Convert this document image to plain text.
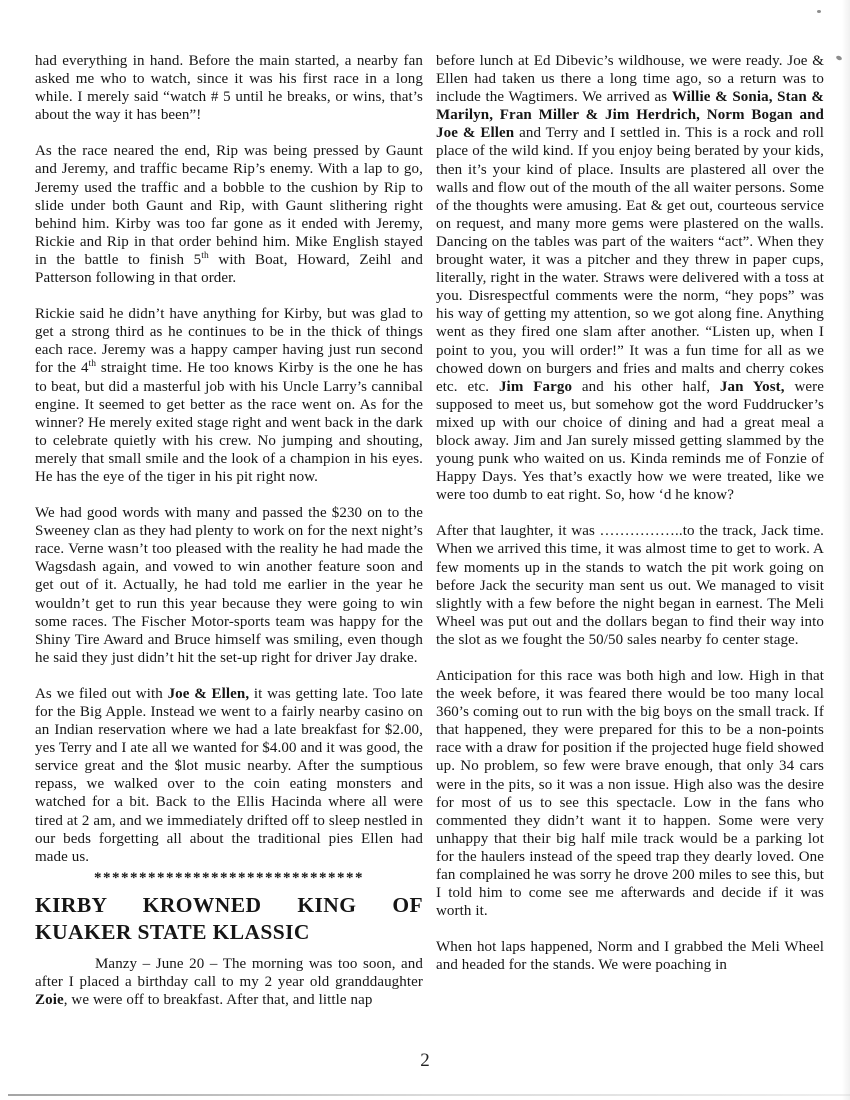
had everything in hand. Before the main started, a nearby fan asked me who to watch, since it was his first race in a long while. I merely said “watch # 5 until he breaks, or wins, that’s about the way it has been”!

As the race neared the end, Rip was being pressed by Gaunt and Jeremy, and traffic became Rip’s enemy. With a lap to go, Jeremy used the traffic and a bobble to the cushion by Rip to slide under both Gaunt and Rip, with Gaunt slithering right behind him. Kirby was too far gone as it ended with Jeremy, Rickie and Rip in that order behind him. Mike English stayed in the battle to finish 5th with Boat, Howard, Zeihl and Patterson following in that order.

Rickie said he didn’t have anything for Kirby, but was glad to get a strong third as he continues to be in the thick of things each race. Jeremy was a happy camper having just run second for the 4th straight time. He too knows Kirby is the one he has to beat, but did a masterful job with his Uncle Larry’s cannibal engine. It seemed to get better as the race went on. As for the winner? He merely exited stage right and went back in the dark to celebrate quietly with his crew. No jumping and shouting, merely that small smile and the look of a champion in his eyes. He has the eye of the tiger in his pit right now.

We had good words with many and passed the $230 on to the Sweeney clan as they had plenty to work on for the next night’s race. Verne wasn’t too pleased with the reality he had made the Wagsdash again, and vowed to win another feature soon and get out of it. Actually, he had told me earlier in the year he wouldn’t get to run this year because they were going to win some races. The Fischer Motor-sports team was happy for the Shiny Tire Award and Bruce himself was smiling, even though he said they just didn’t hit the set-up right for driver Jay drake.

As we filed out with Joe & Ellen, it was getting late. Too late for the Big Apple. Instead we went to a fairly nearby casino on an Indian reservation where we had a late breakfast for $2.00, yes Terry and I ate all we wanted for $4.00 and it was good, the service great and the $lot music nearby. After the sumptious repass, we walked over to the coin eating monsters and watched for a bit. Back to the Ellis Hacinda where all were tired at 2 am, and we immediately drifted off to sleep nestled in our beds forgetting all about the traditional pies Ellen had made us.

******************************
KIRBY KROWNED KING OF KUAKER STATE KLASSIC

Manzy – June 20 – The morning was too soon, and after I placed a birthday call to my 2 year old granddaughter Zoie, we were off to breakfast. After that, and little nap

before lunch at Ed Dibevic’s wildhouse, we were ready. Joe & Ellen had taken us there a long time ago, so a return was to include the Wagtimers. We arrived as Willie & Sonia, Stan & Marilyn, Fran Miller & Jim Herdrich, Norm Bogan and Joe & Ellen and Terry and I settled in. This is a rock and roll place of the wild kind. If you enjoy being berated by your kids, then it’s your kind of place. Insults are plastered all over the walls and flow out of the mouth of the all waiter persons. Some of the thoughts were amusing. Eat & get out, courteous service on request, and many more gems were plastered on the walls. Dancing on the tables was part of the waiters “act”. When they brought water, it was a pitcher and they threw in paper cups, literally, right in the water. Straws were delivered with a toss at you. Disrespectful comments were the norm, “hey pops” was his way of getting my attention, so we got along fine. Anything went as they fired one slam after another. “Listen up, when I point to you, you will order!” It was a fun time for all as we chowed down on burgers and fries and malts and cherry cokes etc. etc. Jim Fargo and his other half, Jan Yost, were supposed to meet us, but somehow got the word Fuddrucker’s mixed up with our choice of dining and had a great meal a block away. Jim and Jan surely missed getting slammed by the young punk who waited on us. Kinda reminds me of Fonzie of Happy Days. Yes that’s exactly how we were treated, like we were too dumb to eat right. So, how ‘d he know?

After that laughter, it was ……………..to the track, Jack time. When we arrived this time, it was almost time to get to work. A few moments up in the stands to watch the pit work going on before Jack the security man sent us out. We managed to visit slightly with a few before the night began in earnest. The Meli Wheel was put out and the dollars began to find their way into the slot as we fought the 50/50 sales nearby fo center stage.

Anticipation for this race was both high and low. High in that the week before, it was feared there would be too many local 360’s coming out to run with the big boys on the small track. If that happened, they were prepared for this to be a non-points race with a draw for position if the projected huge field showed up. No problem, so few were brave enough, that only 34 cars were in the pits, so it was a non issue. High also was the desire for most of us to see this spectacle. Low in the fans who commented they didn’t want it to happen. Some were very unhappy that their big half mile track would be a parking lot for the haulers instead of the speed trap they dearly loved. One fan complained he was sorry he drove 200 miles to see this, but I told him to come see me afterwards and decide if it was worth it.

When hot laps happened, Norm and I grabbed the Meli Wheel and headed for the stands. We were poaching in

2
